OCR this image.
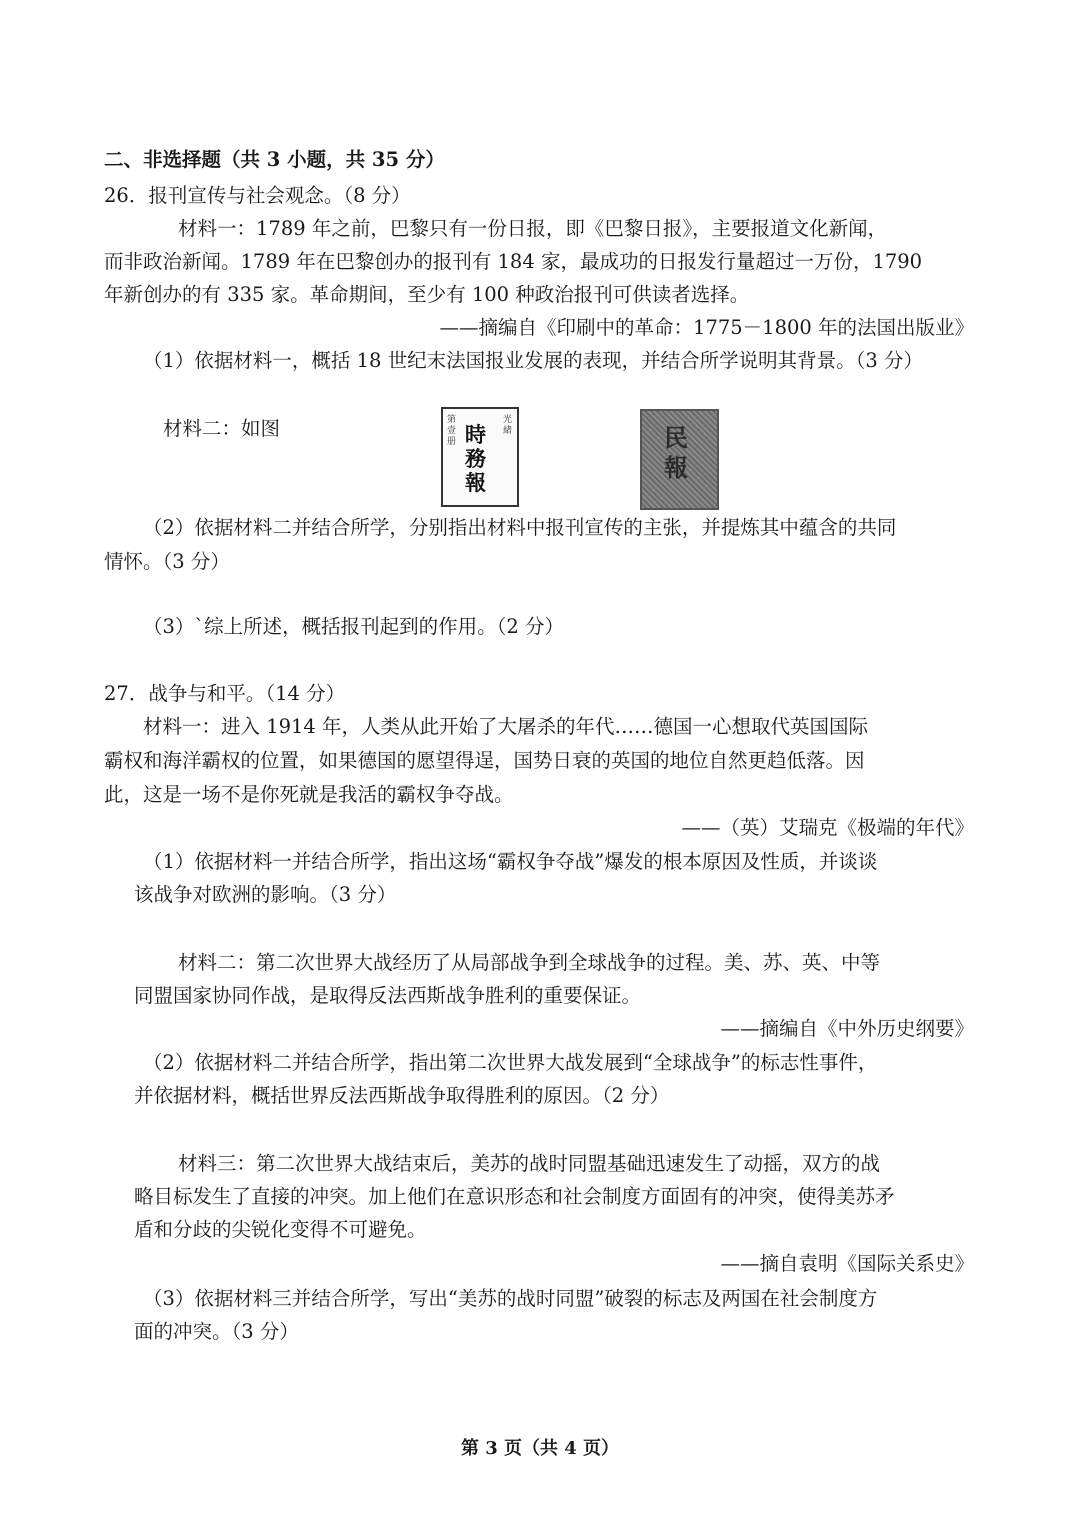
二、非选择题（共 3 小题，共 35 分）
26．报刊宣传与社会观念。（8 分）
材料一：1789 年之前，巴黎只有一份日报，即《巴黎日报》，主要报道文化新闻，
而非政治新闻。1789 年在巴黎创办的报刊有 184 家，最成功的日报发行量超过一万份，1790
年新创办的有 335 家。革命期间，至少有 100 种政治报刊可供读者选择。
——摘编自《印刷中的革命：1775－1800 年的法国出版业》
（1）依据材料一，概括 18 世纪末法国报业发展的表现，并结合所学说明其背景。（3 分）
材料二：如图	第壹册 時務報
光緒	民報
（2）依据材料二并结合所学，分别指出材料中报刊宣传的主张，并提炼其中蕴含的共同
情怀。（3 分）
（3）`综上所述，概括报刊起到的作用。（2 分）
27．战争与和平。（14 分）
材料一：进入 1914 年，人类从此开始了大屠杀的年代……德国一心想取代英国国际
霸权和海洋霸权的位置，如果德国的愿望得逞，国势日衰的英国的地位自然更趋低落。因
此，这是一场不是你死就是我活的霸权争夺战。
——（英）艾瑞克《极端的年代》
（1）依据材料一并结合所学，指出这场“霸权争夺战”爆发的根本原因及性质，并谈谈
该战争对欧洲的影响。（3 分）
材料二：第二次世界大战经历了从局部战争到全球战争的过程。美、苏、英、中等
同盟国家协同作战，是取得反法西斯战争胜利的重要保证。
——摘编自《中外历史纲要》
（2）依据材料二并结合所学，指出第二次世界大战发展到“全球战争”的标志性事件，
并依据材料，概括世界反法西斯战争取得胜利的原因。（2 分）
材料三：第二次世界大战结束后，美苏的战时同盟基础迅速发生了动摇，双方的战
略目标发生了直接的冲突。加上他们在意识形态和社会制度方面固有的冲突，使得美苏矛
盾和分歧的尖锐化变得不可避免。
——摘自袁明《国际关系史》
（3）依据材料三并结合所学，写出“美苏的战时同盟”破裂的标志及两国在社会制度方
面的冲突。（3 分）
第 3 页（共 4 页）
